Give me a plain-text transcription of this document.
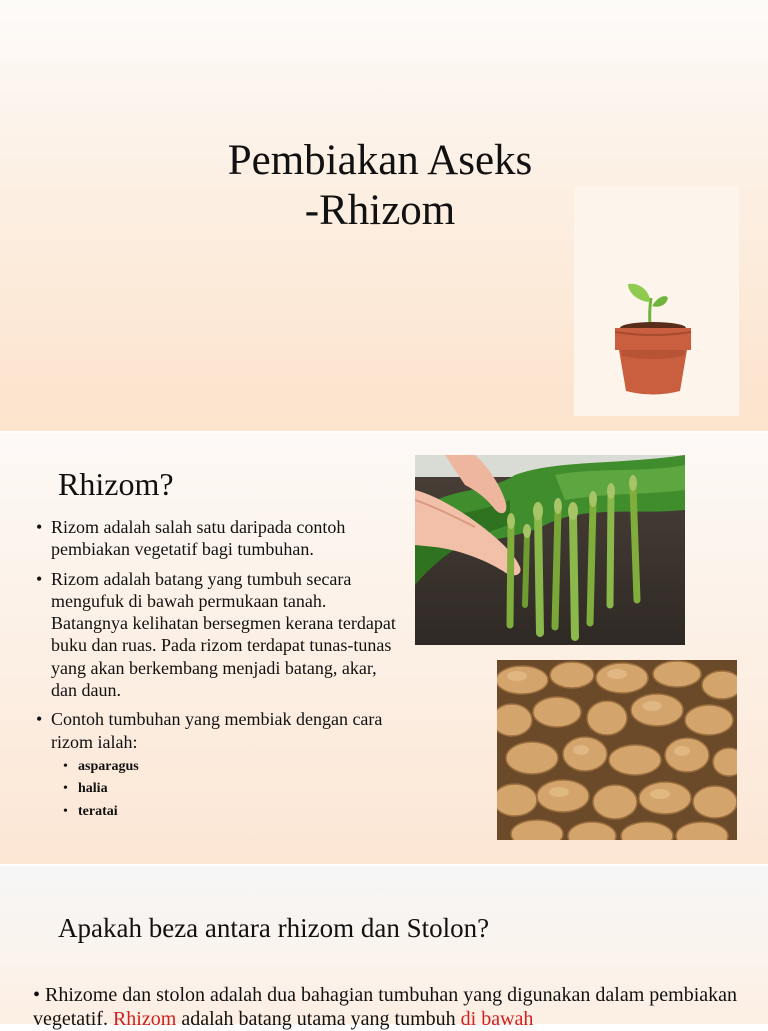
Pembiakan Aseks
-Rhizom
Rhizom?
• Rizom adalah salah satu daripada contoh pembiakan vegetatif bagi tumbuhan.
• Rizom adalah batang yang tumbuh secara mengufuk di bawah permukaan tanah. Batangnya kelihatan bersegmen kerana terdapat buku dan ruas. Pada rizom terdapat tunas-tunas yang akan berkembang menjadi batang, akar, dan daun.
• Contoh tumbuhan yang membiak dengan cara rizom ialah:
• asparagus
• halia
• teratai
Apakah beza antara rhizom dan Stolon?

• Rhizome dan stolon adalah dua bahagian tumbuhan yang digunakan dalam pembiakan vegetatif. Rhizom adalah batang utama yang tumbuh di bawah
